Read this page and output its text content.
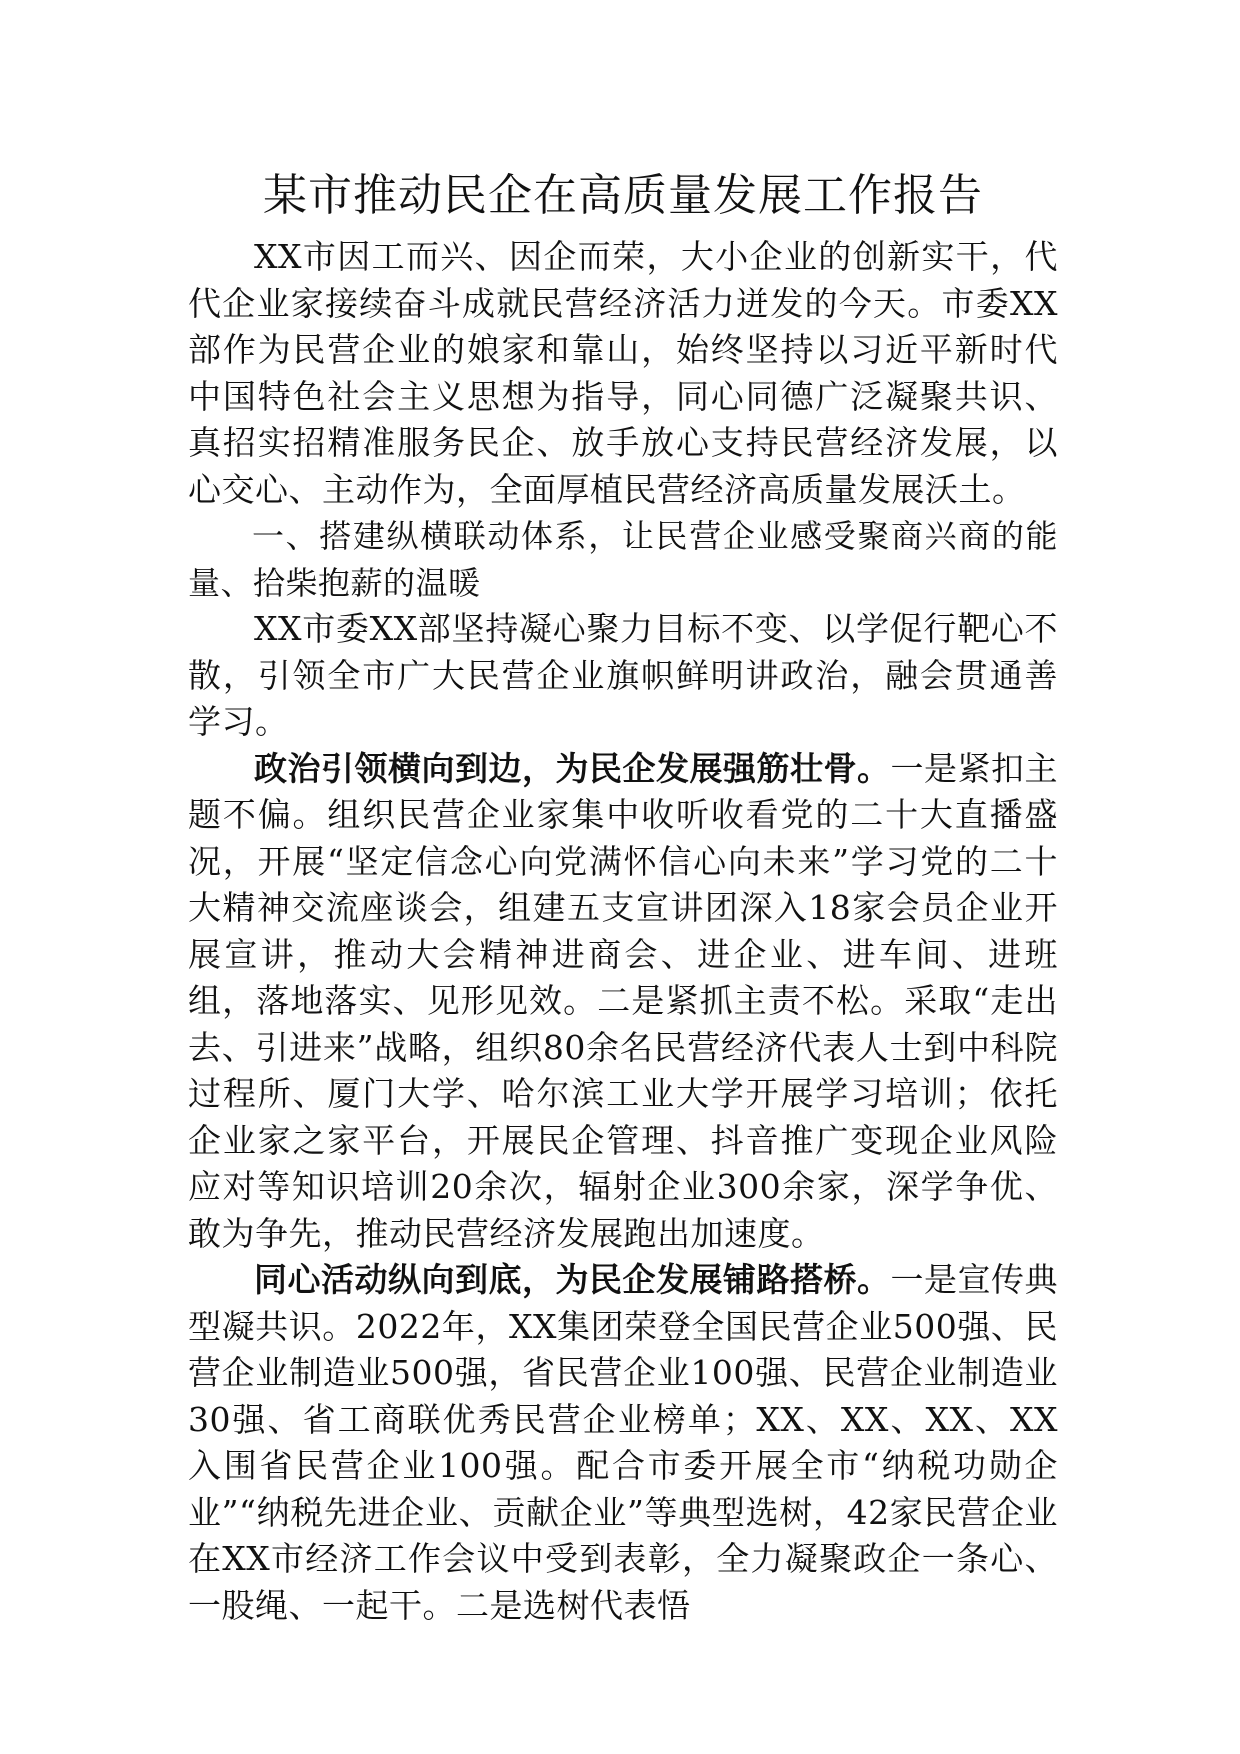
某市推动民企在高质量发展工作报告

XX市因工而兴、因企而荣，大小企业的创新实干，代代企业家接续奋斗成就民营经济活力迸发的今天。市委XX部作为民营企业的娘家和靠山，始终坚持以习近平新时代中国特色社会主义思想为指导，同心同德广泛凝聚共识、真招实招精准服务民企、放手放心支持民营经济发展，以心交心、主动作为，全面厚植民营经济高质量发展沃土。

一、搭建纵横联动体系，让民营企业感受聚商兴商的能量、拾柴抱薪的温暖

XX市委XX部坚持凝心聚力目标不变、以学促行靶心不散，引领全市广大民营企业旗帜鲜明讲政治，融会贯通善学习。

政治引领横向到边，为民企发展强筋壮骨。一是紧扣主题不偏。组织民营企业家集中收听收看党的二十大直播盛况，开展“坚定信念心向党满怀信心向未来”学习党的二十大精神交流座谈会，组建五支宣讲团深入18家会员企业开展宣讲，推动大会精神进商会、进企业、进车间、进班组，落地落实、见形见效。二是紧抓主责不松。采取“走出去、引进来”战略，组织80余名民营经济代表人士到中科院过程所、厦门大学、哈尔滨工业大学开展学习培训；依托企业家之家平台，开展民企管理、抖音推广变现企业风险应对等知识培训20余次，辐射企业300余家，深学争优、敢为争先，推动民营经济发展跑出加速度。

同心活动纵向到底，为民企发展铺路搭桥。一是宣传典型凝共识。2022年，XX集团荣登全国民营企业500强、民营企业制造业500强，省民营企业100强、民营企业制造业30强、省工商联优秀民营企业榜单；XX、XX、XX、XX入围省民营企业100强。配合市委开展全市“纳税功勋企业”“纳税先进企业、贡献企业”等典型选树，42家民营企业在XX市经济工作会议中受到表彰，全力凝聚政企一条心、一股绳、一起干。二是选树代表悟
